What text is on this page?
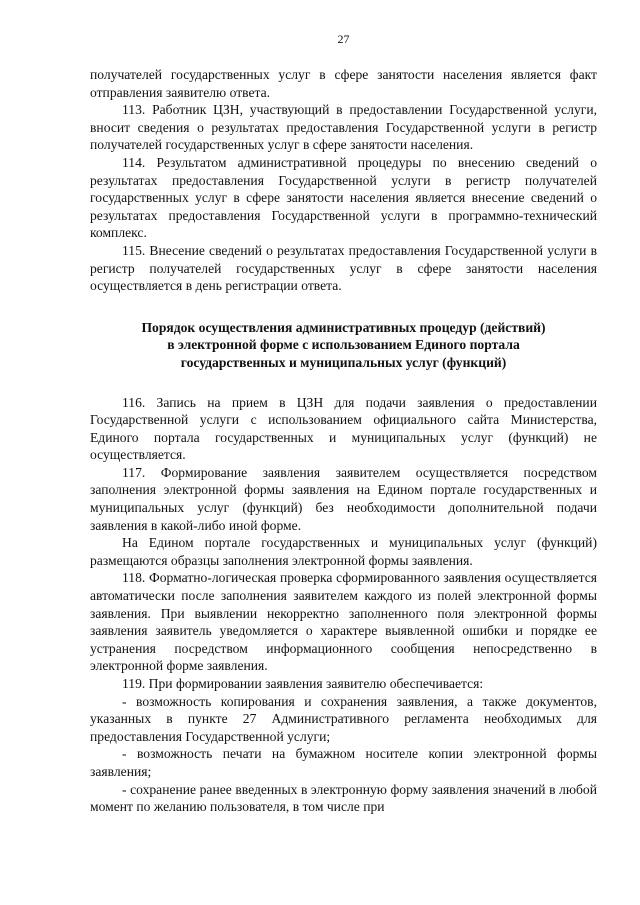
27

получателей государственных услуг в сфере занятости населения является факт отправления заявителю ответа.

113. Работник ЦЗН, участвующий в предоставлении Государственной услуги, вносит сведения о результатах предоставления Государственной услуги в регистр получателей государственных услуг в сфере занятости населения.

114. Результатом административной процедуры по внесению сведений о результатах предоставления Государственной услуги в регистр получателей государственных услуг в сфере занятости населения является внесение сведений о результатах предоставления Государственной услуги в программно-технический комплекс.

115. Внесение сведений о результатах предоставления Государственной услуги в регистр получателей государственных услуг в сфере занятости населения осуществляется в день регистрации ответа.

Порядок осуществления административных процедур (действий)
в электронной форме с использованием Единого портала
государственных и муниципальных услуг (функций)

116. Запись на прием в ЦЗН для подачи заявления о предоставлении Государственной услуги с использованием официального сайта Министерства, Единого портала государственных и муниципальных услуг (функций) не осуществляется.

117. Формирование заявления заявителем осуществляется посредством заполнения электронной формы заявления на Едином портале государственных и муниципальных услуг (функций) без необходимости дополнительной подачи заявления в какой-либо иной форме.

На Едином портале государственных и муниципальных услуг (функций) размещаются образцы заполнения электронной формы заявления.

118. Форматно-логическая проверка сформированного заявления осуществляется автоматически после заполнения заявителем каждого из полей электронной формы заявления. При выявлении некорректно заполненного поля электронной формы заявления заявитель уведомляется о характере выявленной ошибки и порядке ее устранения посредством информационного сообщения непосредственно в электронной форме заявления.

119. При формировании заявления заявителю обеспечивается:

- возможность копирования и сохранения заявления, а также документов, указанных в пункте 27 Административного регламента необходимых для предоставления Государственной услуги;

- возможность печати на бумажном носителе копии электронной формы заявления;

- сохранение ранее введенных в электронную форму заявления значений в любой момент по желанию пользователя, в том числе при
